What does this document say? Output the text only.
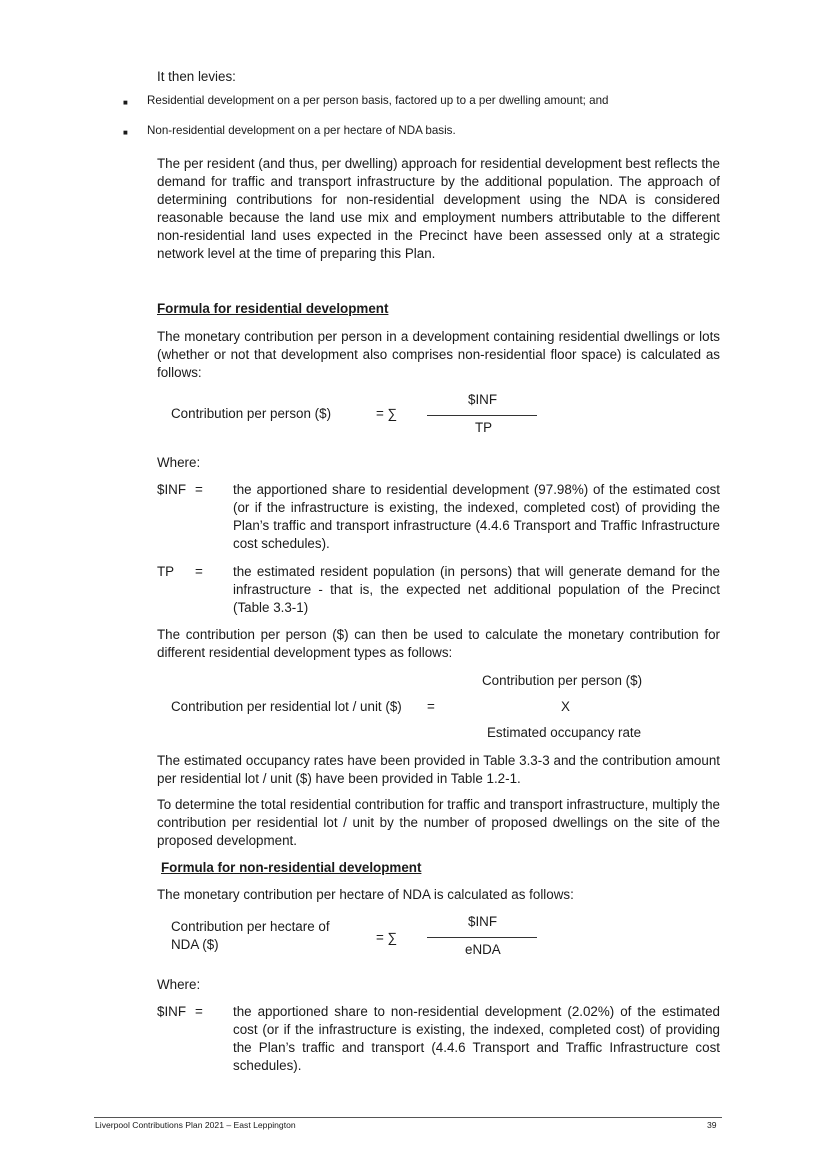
It then levies:
■ Residential development on a per person basis, factored up to a per dwelling amount; and
■ Non-residential development on a per hectare of NDA basis.
The per resident (and thus, per dwelling) approach for residential development best reflects the demand for traffic and transport infrastructure by the additional population. The approach of determining contributions for non-residential development using the NDA is considered reasonable because the land use mix and employment numbers attributable to the different non-residential land uses expected in the Precinct have been assessed only at a strategic network level at the time of preparing this Plan.
Formula for residential development
The monetary contribution per person in a development containing residential dwellings or lots (whether or not that development also comprises non-residential floor space) is calculated as follows:
Contribution per person ($)	= ∑
$INF
TP
Where:
$INF = the apportioned share to residential development (97.98%) of the estimated cost (or if the infrastructure is existing, the indexed, completed cost) of providing the Plan’s traffic and transport infrastructure (4.4.6 Transport and Traffic Infrastructure cost schedules).
TP = the estimated resident population (in persons) that will generate demand for the infrastructure - that is, the expected net additional population of the Precinct (Table 3.3-1)
The contribution per person ($) can then be used to calculate the monetary contribution for different residential development types as follows:
Contribution per person ($)
Contribution per residential lot / unit ($) =	X
Estimated occupancy rate
The estimated occupancy rates have been provided in Table 3.3-3 and the contribution amount per residential lot / unit ($) have been provided in Table 1.2-1.
To determine the total residential contribution for traffic and transport infrastructure, multiply the contribution per residential lot / unit by the number of proposed dwellings on the site of the proposed development.
Formula for non-residential development
The monetary contribution per hectare of NDA is calculated as follows:
Contribution per hectare of
NDA ($)	= ∑
$INF
eNDA
Where:
$INF = the apportioned share to non-residential development (2.02%) of the estimated cost (or if the infrastructure is existing, the indexed, completed cost) of providing the Plan’s traffic and transport (4.4.6 Transport and Traffic Infrastructure cost schedules).
Liverpool Contributions Plan 2021 – East Leppington	39
